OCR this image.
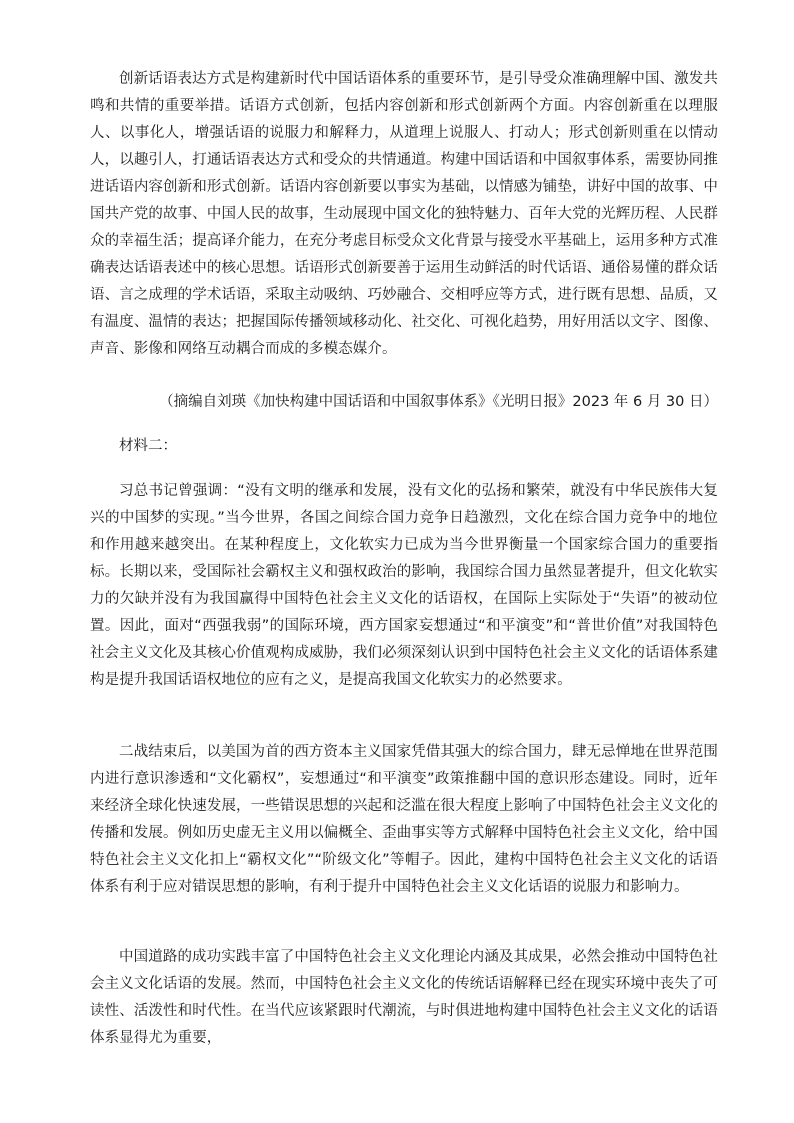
创新话语表达方式是构建新时代中国话语体系的重要环节，是引导受众准确理解中国、激发共鸣和共情的重要举措。话语方式创新，包括内容创新和形式创新两个方面。内容创新重在以理服人、以事化人，增强话语的说服力和解释力，从道理上说服人、打动人；形式创新则重在以情动人，以趣引人，打通话语表达方式和受众的共情通道。构建中国话语和中国叙事体系，需要协同推进话语内容创新和形式创新。话语内容创新要以事实为基础，以情感为铺垫，讲好中国的故事、中国共产党的故事、中国人民的故事，生动展现中国文化的独特魅力、百年大党的光辉历程、人民群众的幸福生活；提高译介能力，在充分考虑目标受众文化背景与接受水平基础上，运用多种方式准确表达话语表述中的核心思想。话语形式创新要善于运用生动鲜活的时代话语、通俗易懂的群众话语、言之成理的学术话语，采取主动吸纳、巧妙融合、交相呼应等方式，进行既有思想、品质，又有温度、温情的表达；把握国际传播领域移动化、社交化、可视化趋势，用好用活以文字、图像、声音、影像和网络互动耦合而成的多模态媒介。

（摘编自刘瑛《加快构建中国话语和中国叙事体系》《光明日报》2023 年 6 月 30 日）

材料二：

习总书记曾强调：“没有文明的继承和发展，没有文化的弘扬和繁荣，就没有中华民族伟大复兴的中国梦的实现。”当今世界，各国之间综合国力竞争日趋激烈，文化在综合国力竞争中的地位和作用越来越突出。在某种程度上，文化软实力已成为当今世界衡量一个国家综合国力的重要指标。长期以来，受国际社会霸权主义和强权政治的影响，我国综合国力虽然显著提升，但文化软实力的欠缺并没有为我国赢得中国特色社会主义文化的话语权，在国际上实际处于“失语”的被动位置。因此，面对“西强我弱”的国际环境，西方国家妄想通过“和平演变”和“普世价值”对我国特色社会主义文化及其核心价值观构成威胁，我们必须深刻认识到中国特色社会主义文化的话语体系建构是提升我国话语权地位的应有之义，是提高我国文化软实力的必然要求。

二战结束后，以美国为首的西方资本主义国家凭借其强大的综合国力，肆无忌惮地在世界范围内进行意识渗透和“文化霸权”，妄想通过“和平演变”政策推翻中国的意识形态建设。同时，近年来经济全球化快速发展，一些错误思想的兴起和泛滥在很大程度上影响了中国特色社会主义文化的传播和发展。例如历史虚无主义用以偏概全、歪曲事实等方式解释中国特色社会主义文化，给中国特色社会主义文化扣上“霸权文化”“阶级文化”等帽子。因此，建构中国特色社会主义文化的话语体系有利于应对错误思想的影响，有利于提升中国特色社会主义文化话语的说服力和影响力。

中国道路的成功实践丰富了中国特色社会主义文化理论内涵及其成果，必然会推动中国特色社会主义文化话语的发展。然而，中国特色社会主义文化的传统话语解释已经在现实环境中丧失了可读性、活泼性和时代性。在当代应该紧跟时代潮流，与时俱进地构建中国特色社会主义文化的话语体系显得尤为重要，
